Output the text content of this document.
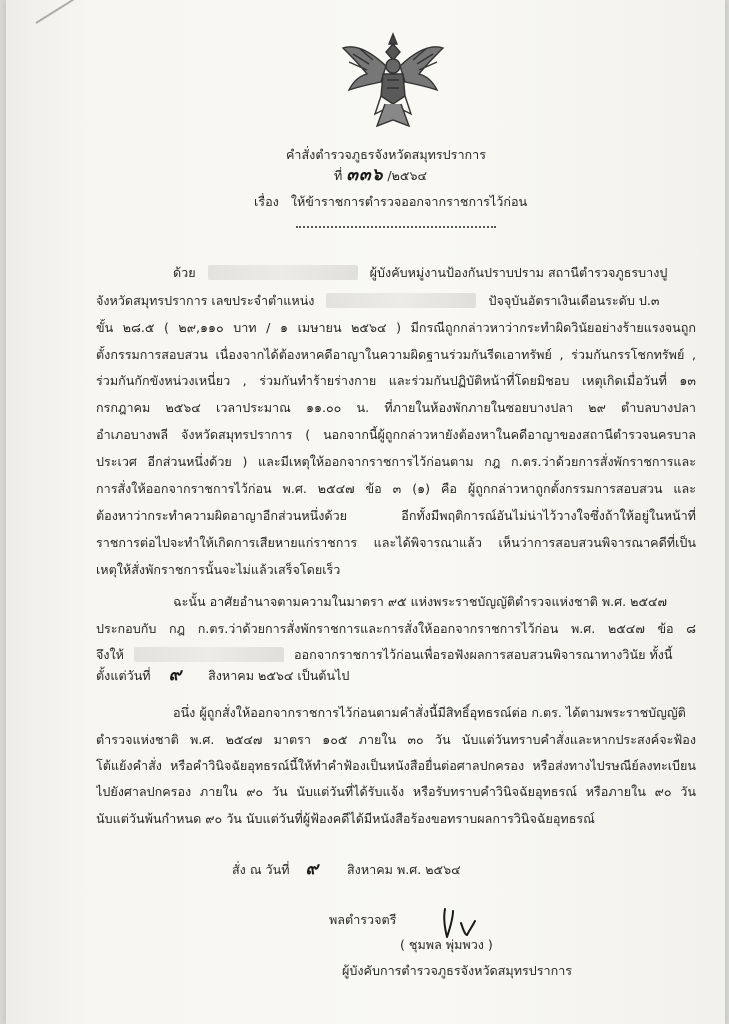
คำสั่งตำรวจภูธรจังหวัดสมุทรปราการ
ที่ ๓๓๖ /๒๕๖๔
เรื่อง ให้ข้าราชการตำรวจออกจากราชการไว้ก่อน
ด้วย	ผู้บังคับหมู่งานป้องกันปราบปราม สถานีตำรวจภูธรบางปู
จังหวัดสมุทรปราการ เลขประจำตำแหน่ง	ปัจจุบันอัตราเงินเดือนระดับ ป.๓
ขั้น ๒๘.๕ ( ๒๙,๑๑๐ บาท / ๑ เมษายน ๒๕๖๔ ) มีกรณีถูกกล่าวหาว่ากระทำผิดวินัยอย่างร้ายแรงจนถูก
ตั้งกรรมการสอบสวน เนื่องจากได้ต้องหาคดีอาญาในความผิดฐานร่วมกันรีดเอาทรัพย์ , ร่วมกันกรรโชกทรัพย์ ,
ร่วมกันกักขังหน่วงเหนี่ยว , ร่วมกันทำร้ายร่างกาย และร่วมกันปฏิบัติหน้าที่โดยมิชอบ เหตุเกิดเมื่อวันที่ ๑๓
กรกฎาคม ๒๕๖๔ เวลาประมาณ ๑๑.๐๐ น. ที่ภายในห้องพักภายในซอยบางปลา ๒๙ ตำบลบางปลา
อำเภอบางพลี จังหวัดสมุทรปราการ ( นอกจากนี้ผู้ถูกกล่าวหายังต้องหาในคดีอาญาของสถานีตำรวจนครบาล
ประเวศ อีกส่วนหนึ่งด้วย ) และมีเหตุให้ออกจากราชการไว้ก่อนตาม กฎ ก.ตร.ว่าด้วยการสั่งพักราชการและ
การสั่งให้ออกจากราชการไว้ก่อน พ.ศ. ๒๕๔๗ ข้อ ๓ (๑) คือ ผู้ถูกกล่าวหาถูกตั้งกรรมการสอบสวน และ
ต้องหาว่ากระทำความผิดอาญาอีกส่วนหนึ่งด้วย อีกทั้งมีพฤติการณ์อันไม่น่าไว้วางใจซึ่งถ้าให้อยู่ในหน้าที่
ราชการต่อไปจะทำให้เกิดการเสียหายแก่ราชการ และได้พิจารณาแล้ว เห็นว่าการสอบสวนพิจารณาคดีที่เป็น
เหตุให้สั่งพักราชการนั้นจะไม่แล้วเสร็จโดยเร็ว
ฉะนั้น อาศัยอำนาจตามความในมาตรา ๙๕ แห่งพระราชบัญญัติตำรวจแห่งชาติ พ.ศ. ๒๕๔๗
ประกอบกับ กฎ ก.ตร.ว่าด้วยการสั่งพักราชการและการสั่งให้ออกจากราชการไว้ก่อน พ.ศ. ๒๕๔๗ ข้อ ๘
จึงให้	ออกจากราชการไว้ก่อนเพื่อรอฟังผลการสอบสวนพิจารณาทางวินัย ทั้งนี้
ตั้งแต่วันที่ ๙ สิงหาคม ๒๕๖๔ เป็นต้นไป
อนึ่ง ผู้ถูกสั่งให้ออกจากราชการไว้ก่อนตามคำสั่งนี้มีสิทธิ์อุทธรณ์ต่อ ก.ตร. ได้ตามพระราชบัญญัติ
ตำรวจแห่งชาติ พ.ศ. ๒๕๔๗ มาตรา ๑๐๕ ภายใน ๓๐ วัน นับแต่วันทราบคำสั่งและหากประสงค์จะฟ้อง
โต้แย้งคำสั่ง หรือคำวินิจฉัยอุทธรณ์นี้ให้ทำคำฟ้องเป็นหนังสือยื่นต่อศาลปกครอง หรือส่งทางไปรษณีย์ลงทะเบียน
ไปยังศาลปกครอง ภายใน ๙๐ วัน นับแต่วันที่ได้รับแจ้ง หรือรับทราบคำวินิจฉัยอุทธรณ์ หรือภายใน ๙๐ วัน
นับแต่วันพ้นกำหนด ๙๐ วัน นับแต่วันที่ผู้ฟ้องคดีได้มีหนังสือร้องขอทราบผลการวินิจฉัยอุทธรณ์
สั่ง ณ วันที่ ๙ สิงหาคม พ.ศ. ๒๕๖๔
พลตำรวจตรี
( ชุมพล พุ่มพวง )
ผู้บังคับการตำรวจภูธรจังหวัดสมุทรปราการ
